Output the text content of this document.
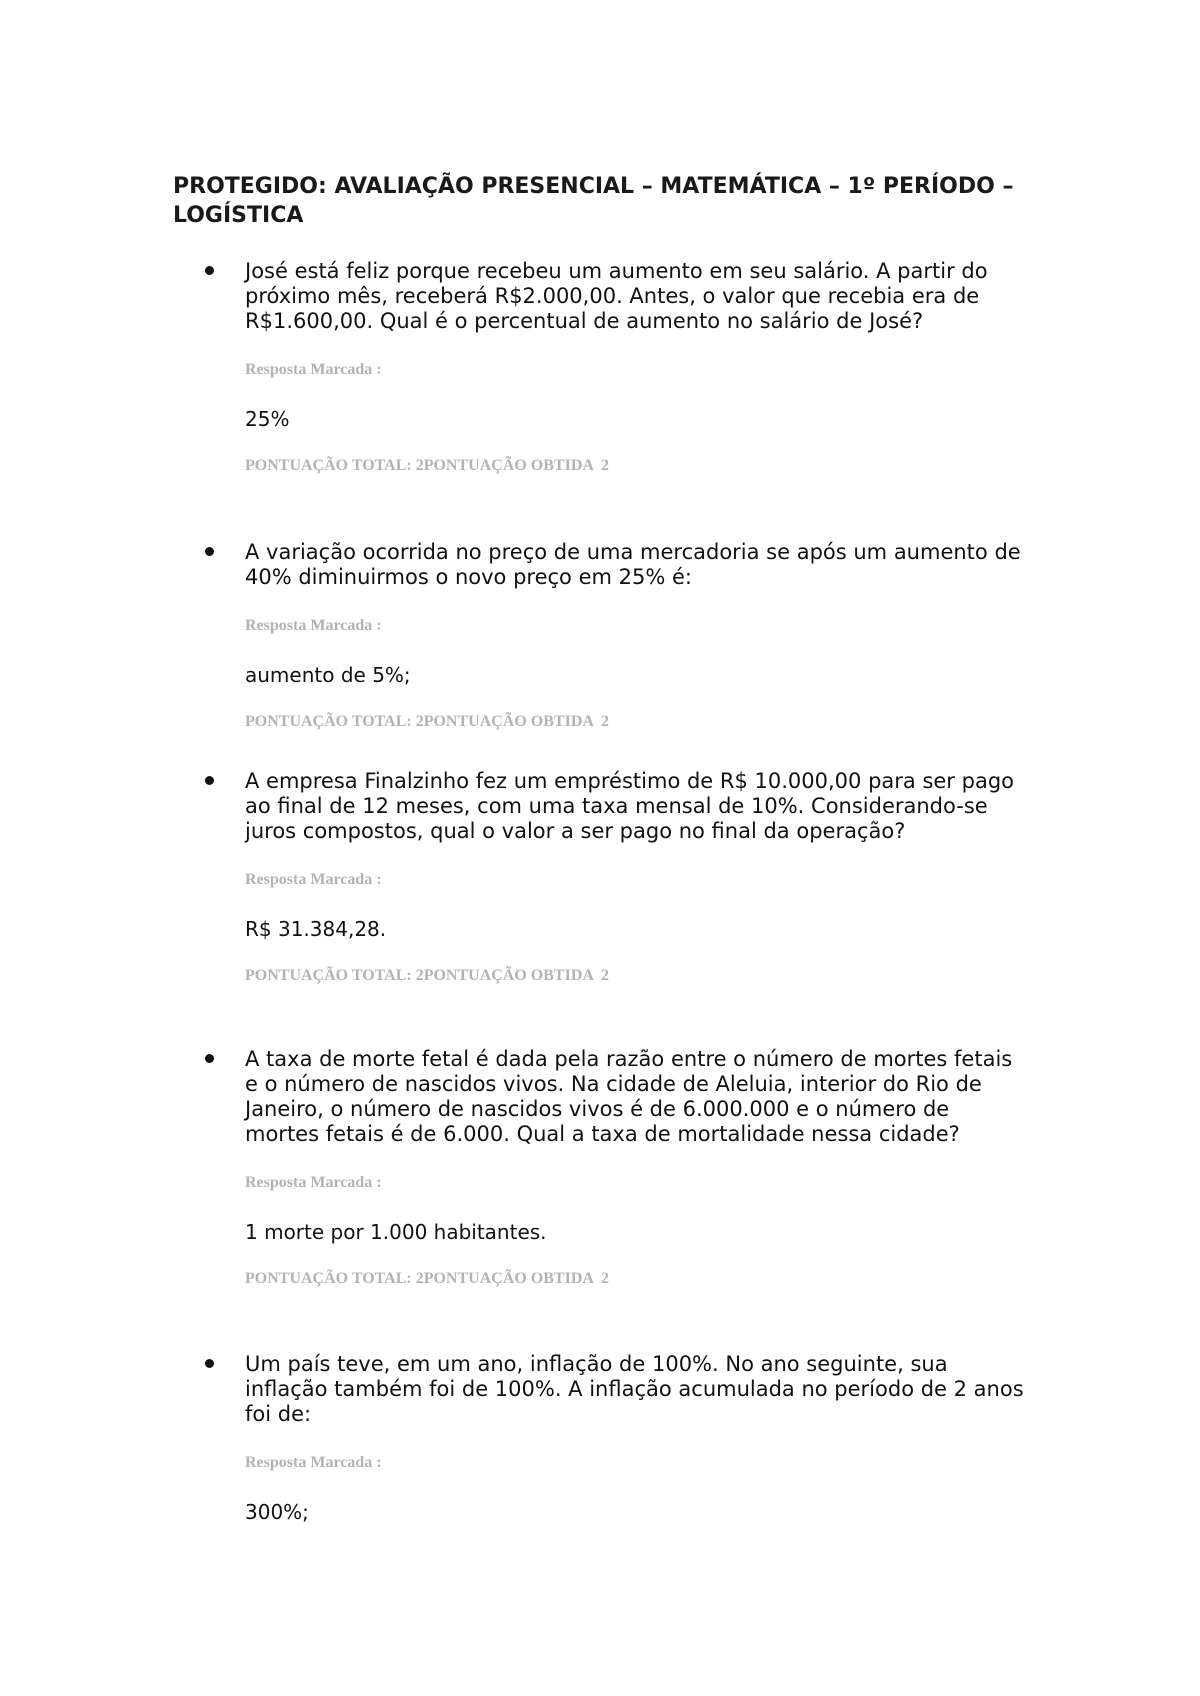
PROTEGIDO: AVALIAÇÃO PRESENCIAL – MATEMÁTICA – 1º PERÍODO – LOGÍSTICA

José está feliz porque recebeu um aumento em seu salário. A partir do próximo mês, receberá R$2.000,00. Antes, o valor que recebia era de R$1.600,00. Qual é o percentual de aumento no salário de José?

Resposta Marcada :
25%
PONTUAÇÃO TOTAL: 2PONTUAÇÃO OBTIDA  2

A variação ocorrida no preço de uma mercadoria se após um aumento de 40% diminuirmos o novo preço em 25% é:

Resposta Marcada :
aumento de 5%;
PONTUAÇÃO TOTAL: 2PONTUAÇÃO OBTIDA  2

A empresa Finalzinho fez um empréstimo de R$ 10.000,00 para ser pago ao final de 12 meses, com uma taxa mensal de 10%. Considerando-se juros compostos, qual o valor a ser pago no final da operação?

Resposta Marcada :
R$ 31.384,28.
PONTUAÇÃO TOTAL: 2PONTUAÇÃO OBTIDA  2

A taxa de morte fetal é dada pela razão entre o número de mortes fetais e o número de nascidos vivos. Na cidade de Aleluia, interior do Rio de Janeiro, o número de nascidos vivos é de 6.000.000 e o número de mortes fetais é de 6.000. Qual a taxa de mortalidade nessa cidade?

Resposta Marcada :
1 morte por 1.000 habitantes.
PONTUAÇÃO TOTAL: 2PONTUAÇÃO OBTIDA  2

Um país teve, em um ano, inflação de 100%. No ano seguinte, sua inflação também foi de 100%. A inflação acumulada no período de 2 anos foi de:

Resposta Marcada :
300%;
